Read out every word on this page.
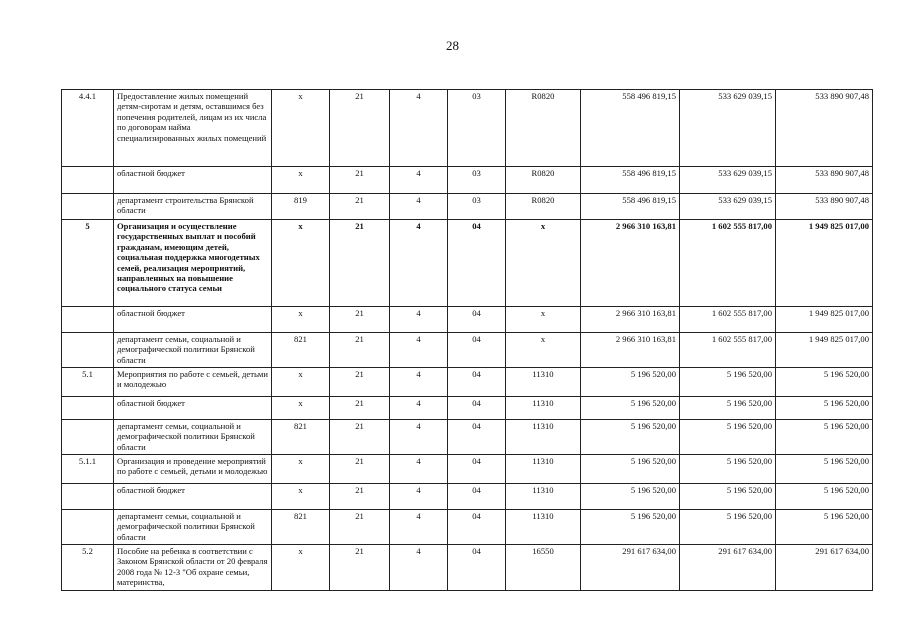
28
4.4.1	Предоставление жилых помещений детям-сиротам и детям, оставшимся без попечения родителей, лицам из их числа по договорам найма специализированных жилых помещений	x	21	4	03	R0820	558 496 819,15	533 629 039,15	533 890 907,48
	областной бюджет	x	21	4	03	R0820	558 496 819,15	533 629 039,15	533 890 907,48
	департамент строительства Брянской области	819	21	4	03	R0820	558 496 819,15	533 629 039,15	533 890 907,48
5	Организация и осуществление государственных выплат и пособий гражданам, имеющим детей, социальная поддержка многодетных семей, реализация мероприятий, направленных на повышение социального статуса семьи	x	21	4	04	x	2 966 310 163,81	1 602 555 817,00	1 949 825 017,00
	областной бюджет	x	21	4	04	x	2 966 310 163,81	1 602 555 817,00	1 949 825 017,00
	департамент семьи, социальной и демографической политики Брянской области	821	21	4	04	x	2 966 310 163,81	1 602 555 817,00	1 949 825 017,00
5.1	Мероприятия по работе с семьей, детьми и молодежью	x	21	4	04	11310	5 196 520,00	5 196 520,00	5 196 520,00
	областной бюджет	x	21	4	04	11310	5 196 520,00	5 196 520,00	5 196 520,00
	департамент семьи, социальной и демографической политики Брянской области	821	21	4	04	11310	5 196 520,00	5 196 520,00	5 196 520,00
5.1.1	Организация и проведение мероприятий по работе с семьей, детьми и молодежью	x	21	4	04	11310	5 196 520,00	5 196 520,00	5 196 520,00
	областной бюджет	x	21	4	04	11310	5 196 520,00	5 196 520,00	5 196 520,00
	департамент семьи, социальной и демографической политики Брянской области	821	21	4	04	11310	5 196 520,00	5 196 520,00	5 196 520,00
5.2	Пособие на ребенка в соответствии с Законом Брянской области от 20 февраля 2008 года № 12-З "Об охране семьи, материнства,	x	21	4	04	16550	291 617 634,00	291 617 634,00	291 617 634,00
